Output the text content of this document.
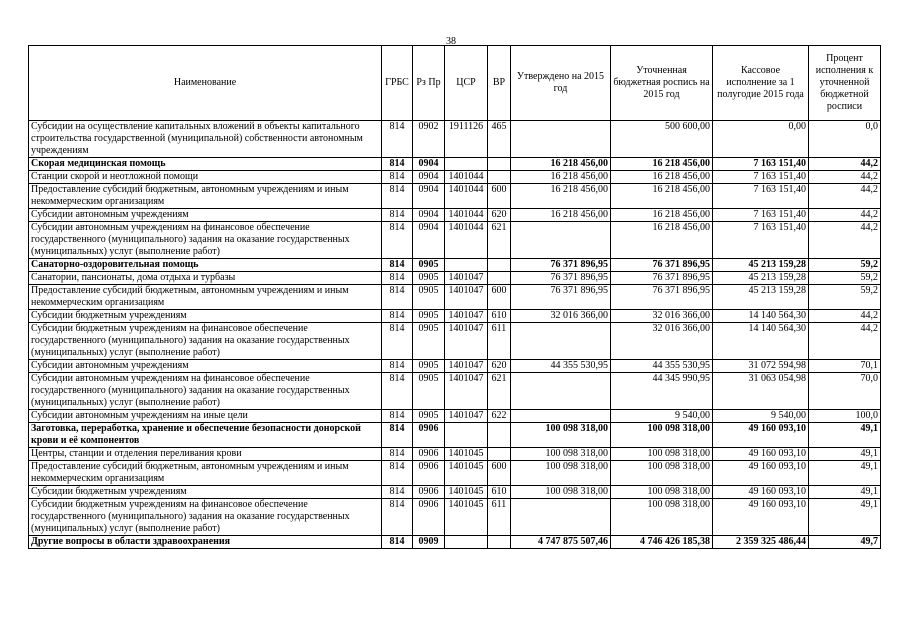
38
Наименование	ГРБС	Рз Пр	ЦСР	ВР	Утверждено на 2015 год	Уточненная бюджетная роспись на 2015 год	Кассовое исполнение за 1 полугодие 2015 года	Процент исполнения к уточненной бюджетной росписи
Субсидии на осуществление капитальных вложений в объекты капитального строительства государственной (муниципальной) собственности автономным учреждениям	814	0902	1911126	465		500 600,00	0,00	0,0
Скорая медицинская помощь	814	0904			16 218 456,00	16 218 456,00	7 163 151,40	44,2
Станции скорой и неотложной помощи	814	0904	1401044		16 218 456,00	16 218 456,00	7 163 151,40	44,2
Предоставление субсидий бюджетным, автономным учреждениям и иным некоммерческим организациям	814	0904	1401044	600	16 218 456,00	16 218 456,00	7 163 151,40	44,2
Субсидии автономным учреждениям	814	0904	1401044	620	16 218 456,00	16 218 456,00	7 163 151,40	44,2
Субсидии автономным учреждениям на финансовое обеспечение государственного (муниципального) задания на оказание государственных (муниципальных) услуг (выполнение работ)	814	0904	1401044	621		16 218 456,00	7 163 151,40	44,2
Санаторно-оздоровительная помощь	814	0905			76 371 896,95	76 371 896,95	45 213 159,28	59,2
Санатории, пансионаты, дома отдыха и турбазы	814	0905	1401047		76 371 896,95	76 371 896,95	45 213 159,28	59,2
Предоставление субсидий бюджетным, автономным учреждениям и иным некоммерческим организациям	814	0905	1401047	600	76 371 896,95	76 371 896,95	45 213 159,28	59,2
Субсидии бюджетным учреждениям	814	0905	1401047	610	32 016 366,00	32 016 366,00	14 140 564,30	44,2
Субсидии бюджетным учреждениям на финансовое обеспечение государственного (муниципального) задания на оказание государственных (муниципальных) услуг (выполнение работ)	814	0905	1401047	611		32 016 366,00	14 140 564,30	44,2
Субсидии автономным учреждениям	814	0905	1401047	620	44 355 530,95	44 355 530,95	31 072 594,98	70,1
Субсидии автономным учреждениям на финансовое обеспечение государственного (муниципального) задания на оказание государственных (муниципальных) услуг (выполнение работ)	814	0905	1401047	621		44 345 990,95	31 063 054,98	70,0
Субсидии автономным учреждениям на иные цели	814	0905	1401047	622		9 540,00	9 540,00	100,0
Заготовка, переработка, хранение и обеспечение безопасности донорской крови и её компонентов	814	0906			100 098 318,00	100 098 318,00	49 160 093,10	49,1
Центры, станции и отделения переливания крови	814	0906	1401045		100 098 318,00	100 098 318,00	49 160 093,10	49,1
Предоставление субсидий бюджетным, автономным учреждениям и иным некоммерческим организациям	814	0906	1401045	600	100 098 318,00	100 098 318,00	49 160 093,10	49,1
Субсидии бюджетным учреждениям	814	0906	1401045	610	100 098 318,00	100 098 318,00	49 160 093,10	49,1
Субсидии бюджетным учреждениям на финансовое обеспечение государственного (муниципального) задания на оказание государственных (муниципальных) услуг (выполнение работ)	814	0906	1401045	611		100 098 318,00	49 160 093,10	49,1
Другие вопросы в области здравоохранения	814	0909			4 747 875 507,46	4 746 426 185,38	2 359 325 486,44	49,7
